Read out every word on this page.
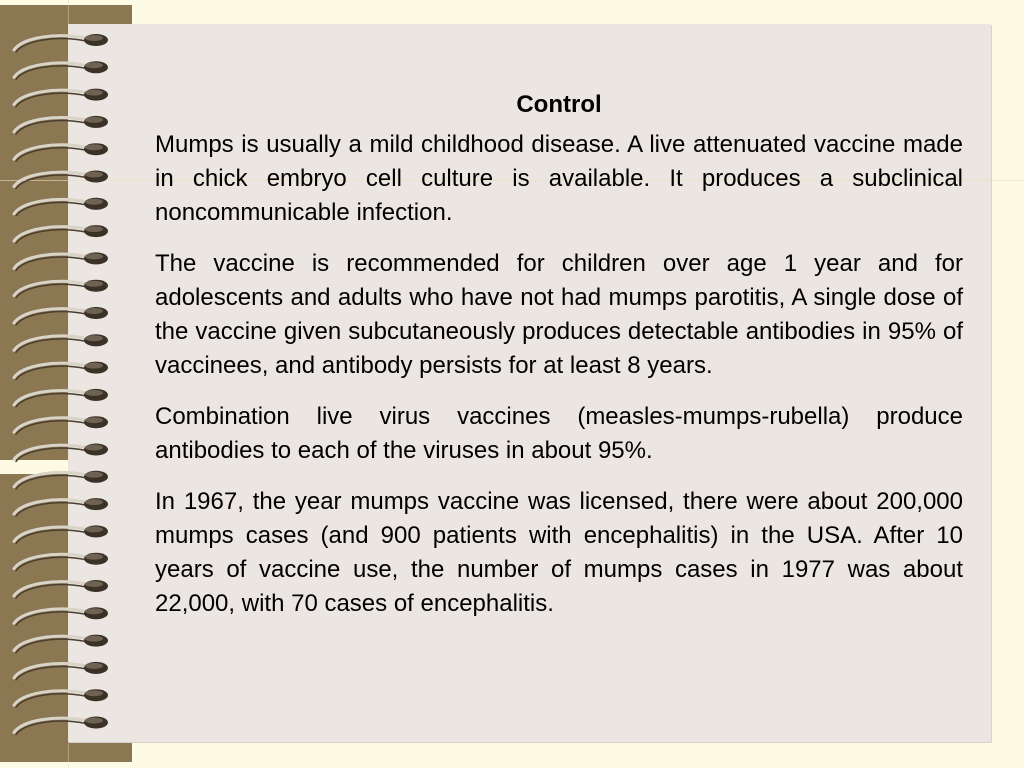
Control

Mumps is usually a mild childhood disease. A live attenuated vaccine made in chick embryo cell culture is available. It produces a subclinical noncommunicable infection.

The vaccine is recommended for children over age 1 year and for adolescents and adults who have not had mumps parotitis, A single dose of the vaccine given subcutaneously produces detectable antibodies in 95% of vaccinees, and antibody persists for at least 8 years.

Combination live virus vaccines (measles-mumps-rubella) produce antibodies to each of the viruses in about 95%.

In 1967, the year mumps vaccine was licensed, there were about 200,000 mumps cases (and 900 patients with encephalitis) in the USA. After 10 years of vaccine use, the number of mumps cases in 1977 was about 22,000, with 70 cases of encephalitis.
